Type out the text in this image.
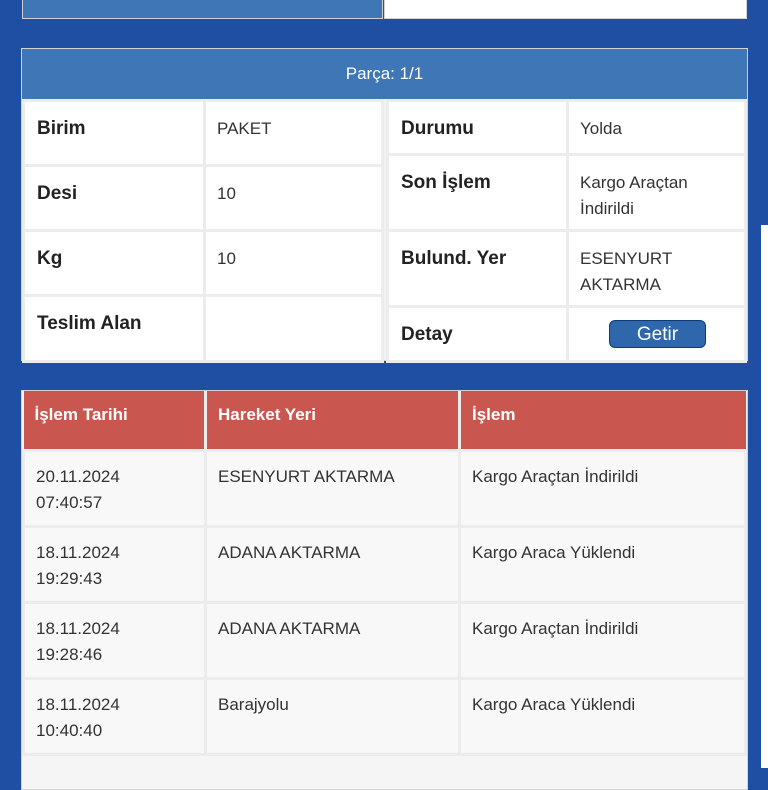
Parça: 1/1
Birim	PAKET
Desi	10
Kg	10
Teslim Alan	
Durumu	Yolda
Son İşlem	Kargo Araçtan İndirildi
Bulund. Yer	ESENYURT AKTARMA
Detay	Getir
İşlem Tarihi	Hareket Yeri	İşlem

20.11.2024
07:40:57	ESENYURT AKTARMA	Kargo Araçtan İndirildi

18.11.2024
19:29:43	ADANA AKTARMA	Kargo Araca Yüklendi

18.11.2024
19:28:46	ADANA AKTARMA	Kargo Araçtan İndirildi

18.11.2024
10:40:40	Barajyolu	Kargo Araca Yüklendi
